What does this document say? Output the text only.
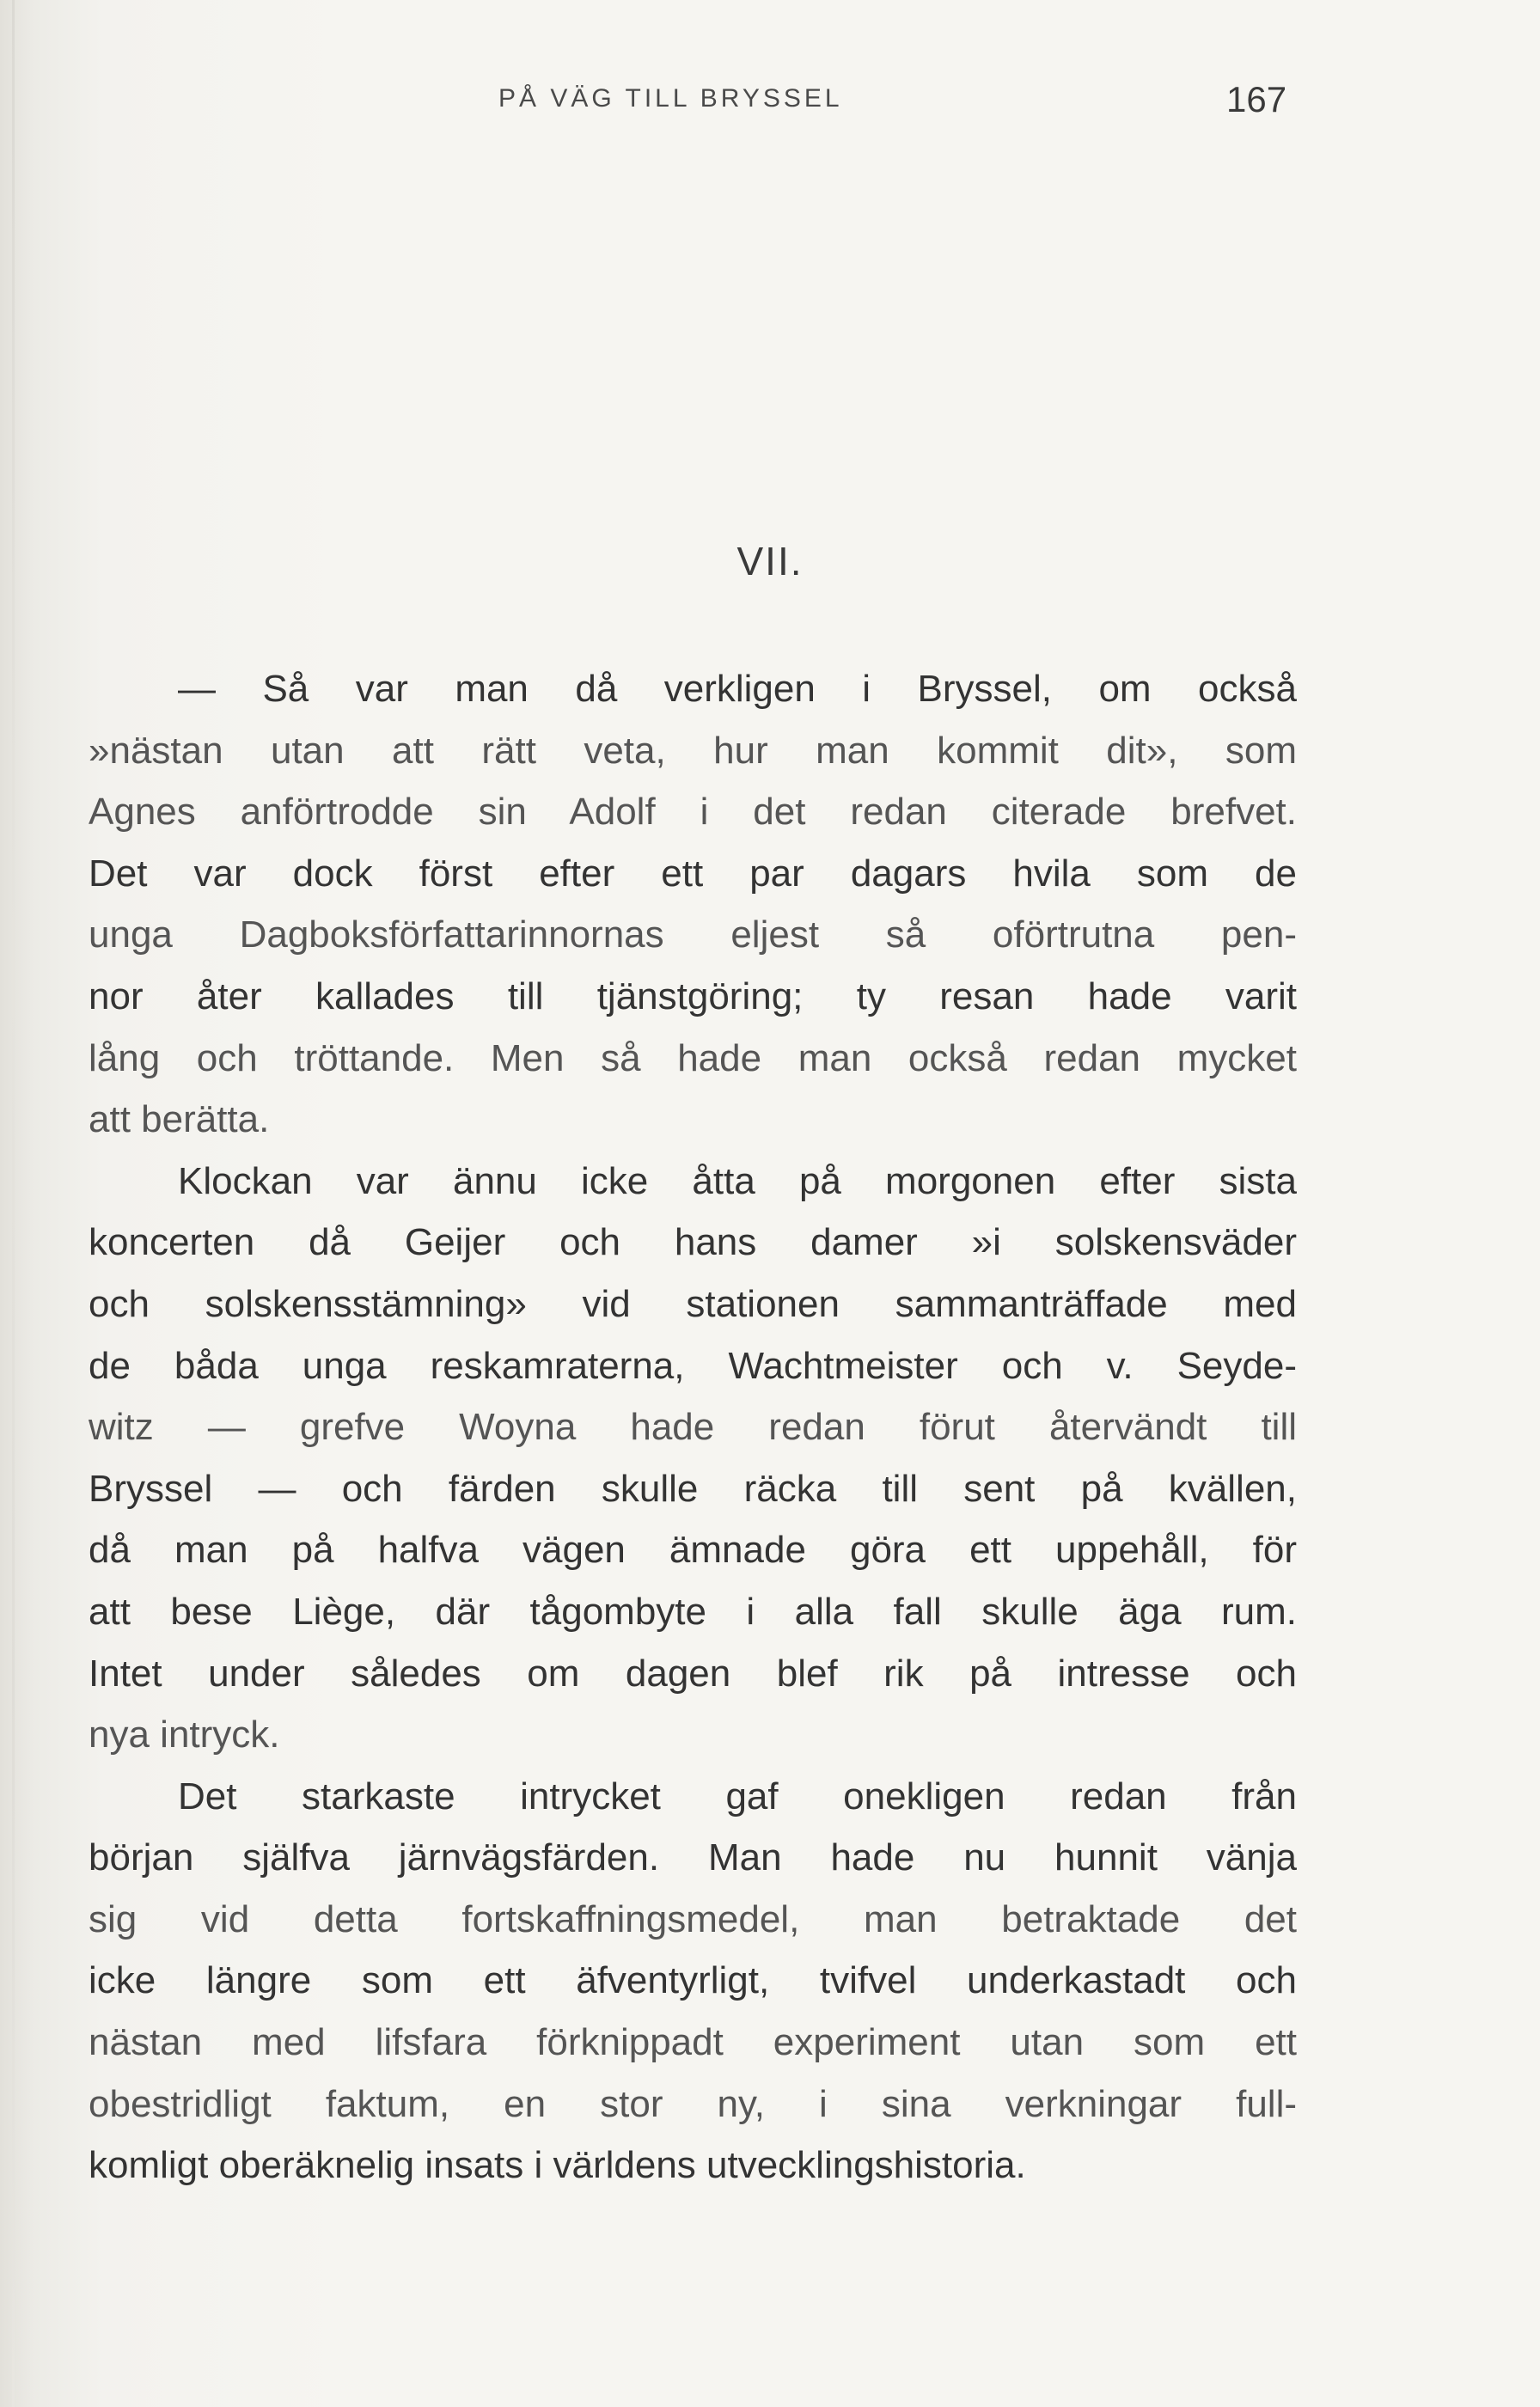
PÅ VÄG TILL BRYSSEL	167
VII.
— Så var man då verkligen i Bryssel, om också
»nästan utan att rätt veta, hur man kommit dit», som
Agnes anförtrodde sin Adolf i det redan citerade brefvet.
Det var dock först efter ett par dagars hvila som de
unga Dagboksförfattarinnornas eljest så oförtrutna pen-
nor åter kallades till tjänstgöring; ty resan hade varit
lång och tröttande. Men så hade man också redan mycket
att berätta.
Klockan var ännu icke åtta på morgonen efter sista
koncerten då Geijer och hans damer »i solskensväder
och solskensstämning» vid stationen sammanträffade med
de båda unga reskamraterna, Wachtmeister och v. Seyde-
witz — grefve Woyna hade redan förut återvändt till
Bryssel — och färden skulle räcka till sent på kvällen,
då man på halfva vägen ämnade göra ett uppehåll, för
att bese Liège, där tågombyte i alla fall skulle äga rum.
Intet under således om dagen blef rik på intresse och
nya intryck.
Det starkaste intrycket gaf onekligen redan från
början själfva järnvägsfärden. Man hade nu hunnit vänja
sig vid detta fortskaffningsmedel, man betraktade det
icke längre som ett äfventyrligt, tvifvel underkastadt och
nästan med lifsfara förknippadt experiment utan som ett
obestridligt faktum, en stor ny, i sina verkningar full-
komligt oberäknelig insats i världens utvecklingshistoria.
